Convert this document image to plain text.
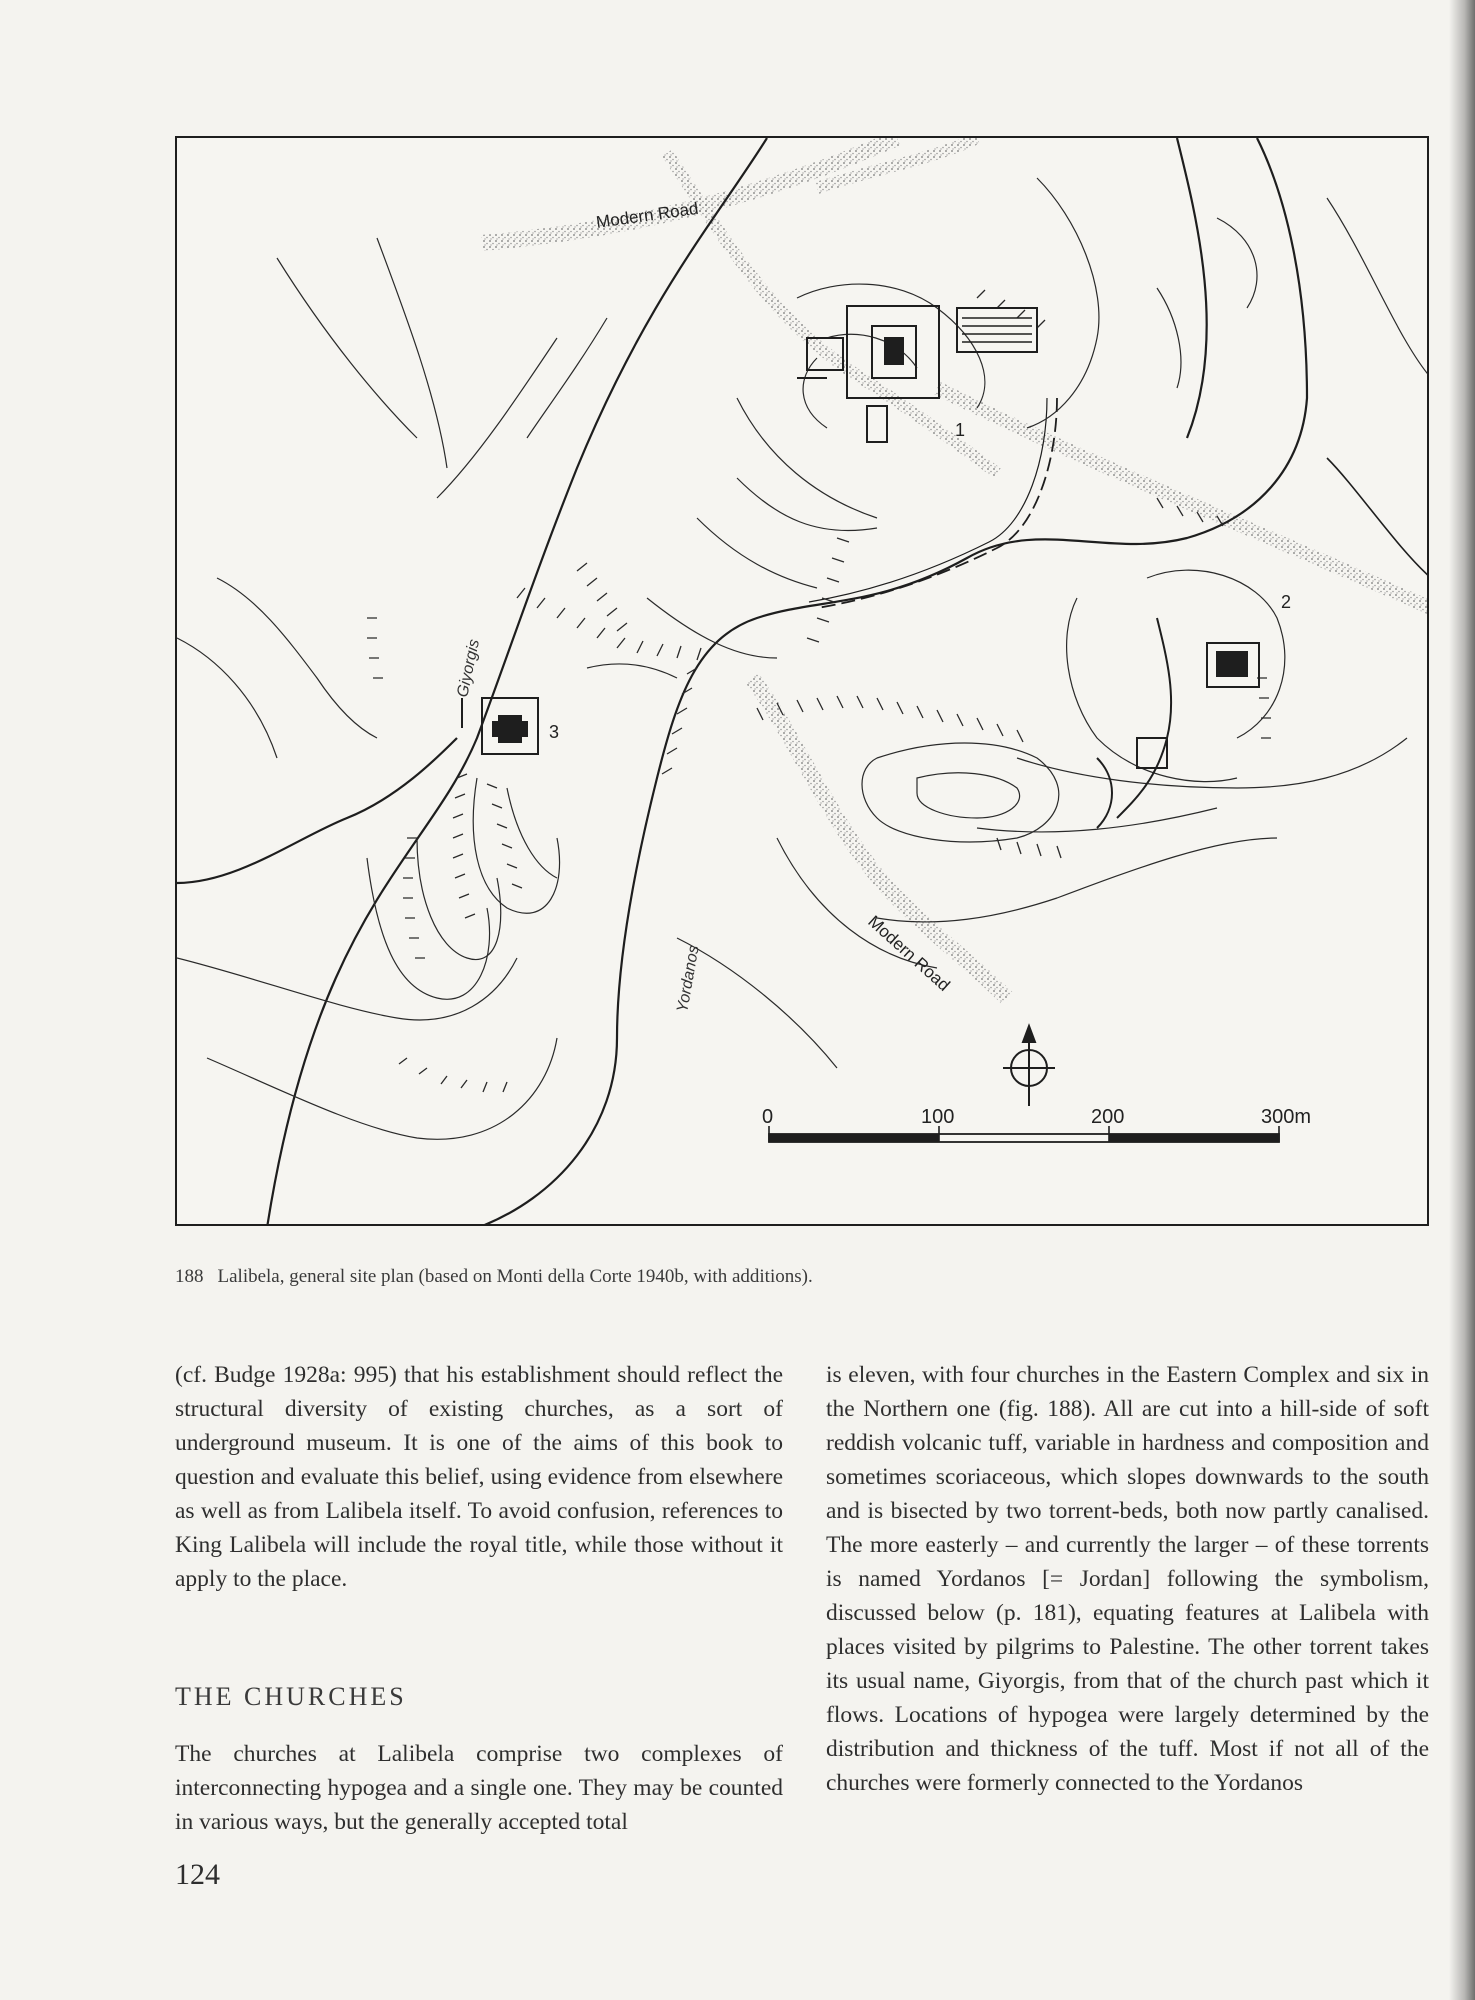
Modern Road
Modern Road
Giyorgis
Yordanos
1
2
3
0	100	200	300m
188 Lalibela, general site plan (based on Monti della Corte 1940b, with additions).

(cf. Budge 1928a: 995) that his establishment should reflect the structural diversity of existing churches, as a sort of underground museum. It is one of the aims of this book to question and evaluate this belief, using evidence from elsewhere as well as from Lalibela itself. To avoid confusion, references to King Lalibela will include the royal title, while those without it apply to the place.

THE CHURCHES

The churches at Lalibela comprise two complexes of interconnecting hypogea and a single one. They may be counted in various ways, but the generally accepted total

is eleven, with four churches in the Eastern Complex and six in the Northern one (fig. 188). All are cut into a hill-side of soft reddish volcanic tuff, variable in hardness and composition and sometimes scoriaceous, which slopes downwards to the south and is bisected by two torrent-beds, both now partly canalised. The more easterly – and currently the larger – of these torrents is named Yordanos [= Jordan] following the symbolism, discussed below (p. 181), equating features at Lalibela with places visited by pilgrims to Palestine. The other torrent takes its usual name, Giyorgis, from that of the church past which it flows. Locations of hypogea were largely determined by the distribution and thickness of the tuff. Most if not all of the churches were formerly connected to the Yordanos

124
